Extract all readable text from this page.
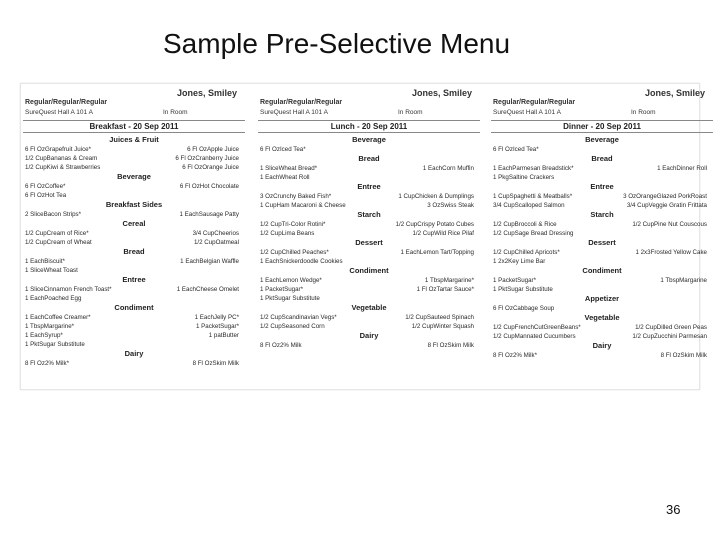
Sample Pre-Selective Menu
Jones, Smiley
Regular/Regular/Regular
SureQuest Hall A 101 A	In Room
Breakfast - 20 Sep 2011
Juices & Fruit
6 Fl OzGrapefruit Juice*	6 Fl OzApple Juice
1/2 CupBananas & Cream	6 Fl OzCranberry Juice
1/2 CupKiwi & Strawberries	6 Fl OzOrange Juice
Beverage
6 Fl OzCoffee*	6 Fl OzHot Chocolate
6 Fl OzHot Tea
Breakfast Sides
2 SliceBacon Strips*	1 EachSausage Patty
Cereal
1/2 CupCream of Rice*	3/4 CupCheerios
1/2 CupCream of Wheat	1/2 CupOatmeal
Bread
1 EachBiscuit*	1 EachBelgian Waffle
1 SliceWheat Toast
Entree
1 SliceCinnamon French Toast*	1 EachCheese Omelet
1 EachPoached Egg
Condiment
1 EachCoffee Creamer*	1 EachJelly PC*
1 TbspMargarine*	1 PacketSugar*
1 EachSyrup*	1 patButter
1 PktSugar Substitute
Dairy
8 Fl Oz2% Milk*	8 Fl OzSkim Milk
Jones, Smiley
Regular/Regular/Regular
SureQuest Hall A 101 A	In Room
Lunch - 20 Sep 2011
Beverage
6 Fl OzIced Tea*
Bread
1 SliceWheat Bread*	1 EachCorn Muffin
1 EachWheat Roll
Entree
3 OzCrunchy Baked Fish*	1 CupChicken & Dumplings
1 CupHam Macaroni & Cheese	3 OzSwiss Steak
Starch
1/2 CupTri-Color Rotini*	1/2 CupCrispy Potato Cubes
1/2 CupLima Beans	1/2 CupWild Rice Pilaf
Dessert
1/2 CupChilled Peaches*	1 EachLemon Tart/Topping
1 EachSnickerdoodle Cookies
Condiment
1 EachLemon Wedge*	1 TbspMargarine*
1 PacketSugar*	1 Fl OzTartar Sauce*
1 PktSugar Substitute
Vegetable
1/2 CupScandinavian Vegs*	1/2 CupSauteed Spinach
1/2 CupSeasoned Corn	1/2 CupWinter Squash
Dairy
8 Fl Oz2% Milk	8 Fl OzSkim Milk
Jones, Smiley
Regular/Regular/Regular
SureQuest Hall A 101 A	In Room
Dinner - 20 Sep 2011
Beverage
6 Fl OzIced Tea*
Bread
1 EachParmesan Breadstick*	1 EachDinner Roll
1 PkgSaltine Crackers
Entree
1 CupSpaghetti & Meatballs*	3 OzOrangeGlazed PorkRoast
3/4 CupScalloped Salmon	3/4 CupVeggie Gratin Frittata
Starch
1/2 CupBroccoli & Rice	1/2 CupPine Nut Couscous
1/2 CupSage Bread Dressing
Dessert
1/2 CupChilled Apricots*	1 2x3Frosted Yellow Cake
1 2x2Key Lime Bar
Condiment
1 PacketSugar*	1 TbspMargarine
1 PktSugar Substitute
Appetizer
6 Fl OzCabbage Soup
Vegetable
1/2 CupFrenchCutGreenBeans*	1/2 CupDilled Green Peas
1/2 CupMannated Cucumbers	1/2 CupZucchini Parmesan
Dairy
8 Fl Oz2% Milk*	8 Fl OzSkim Milk
36
